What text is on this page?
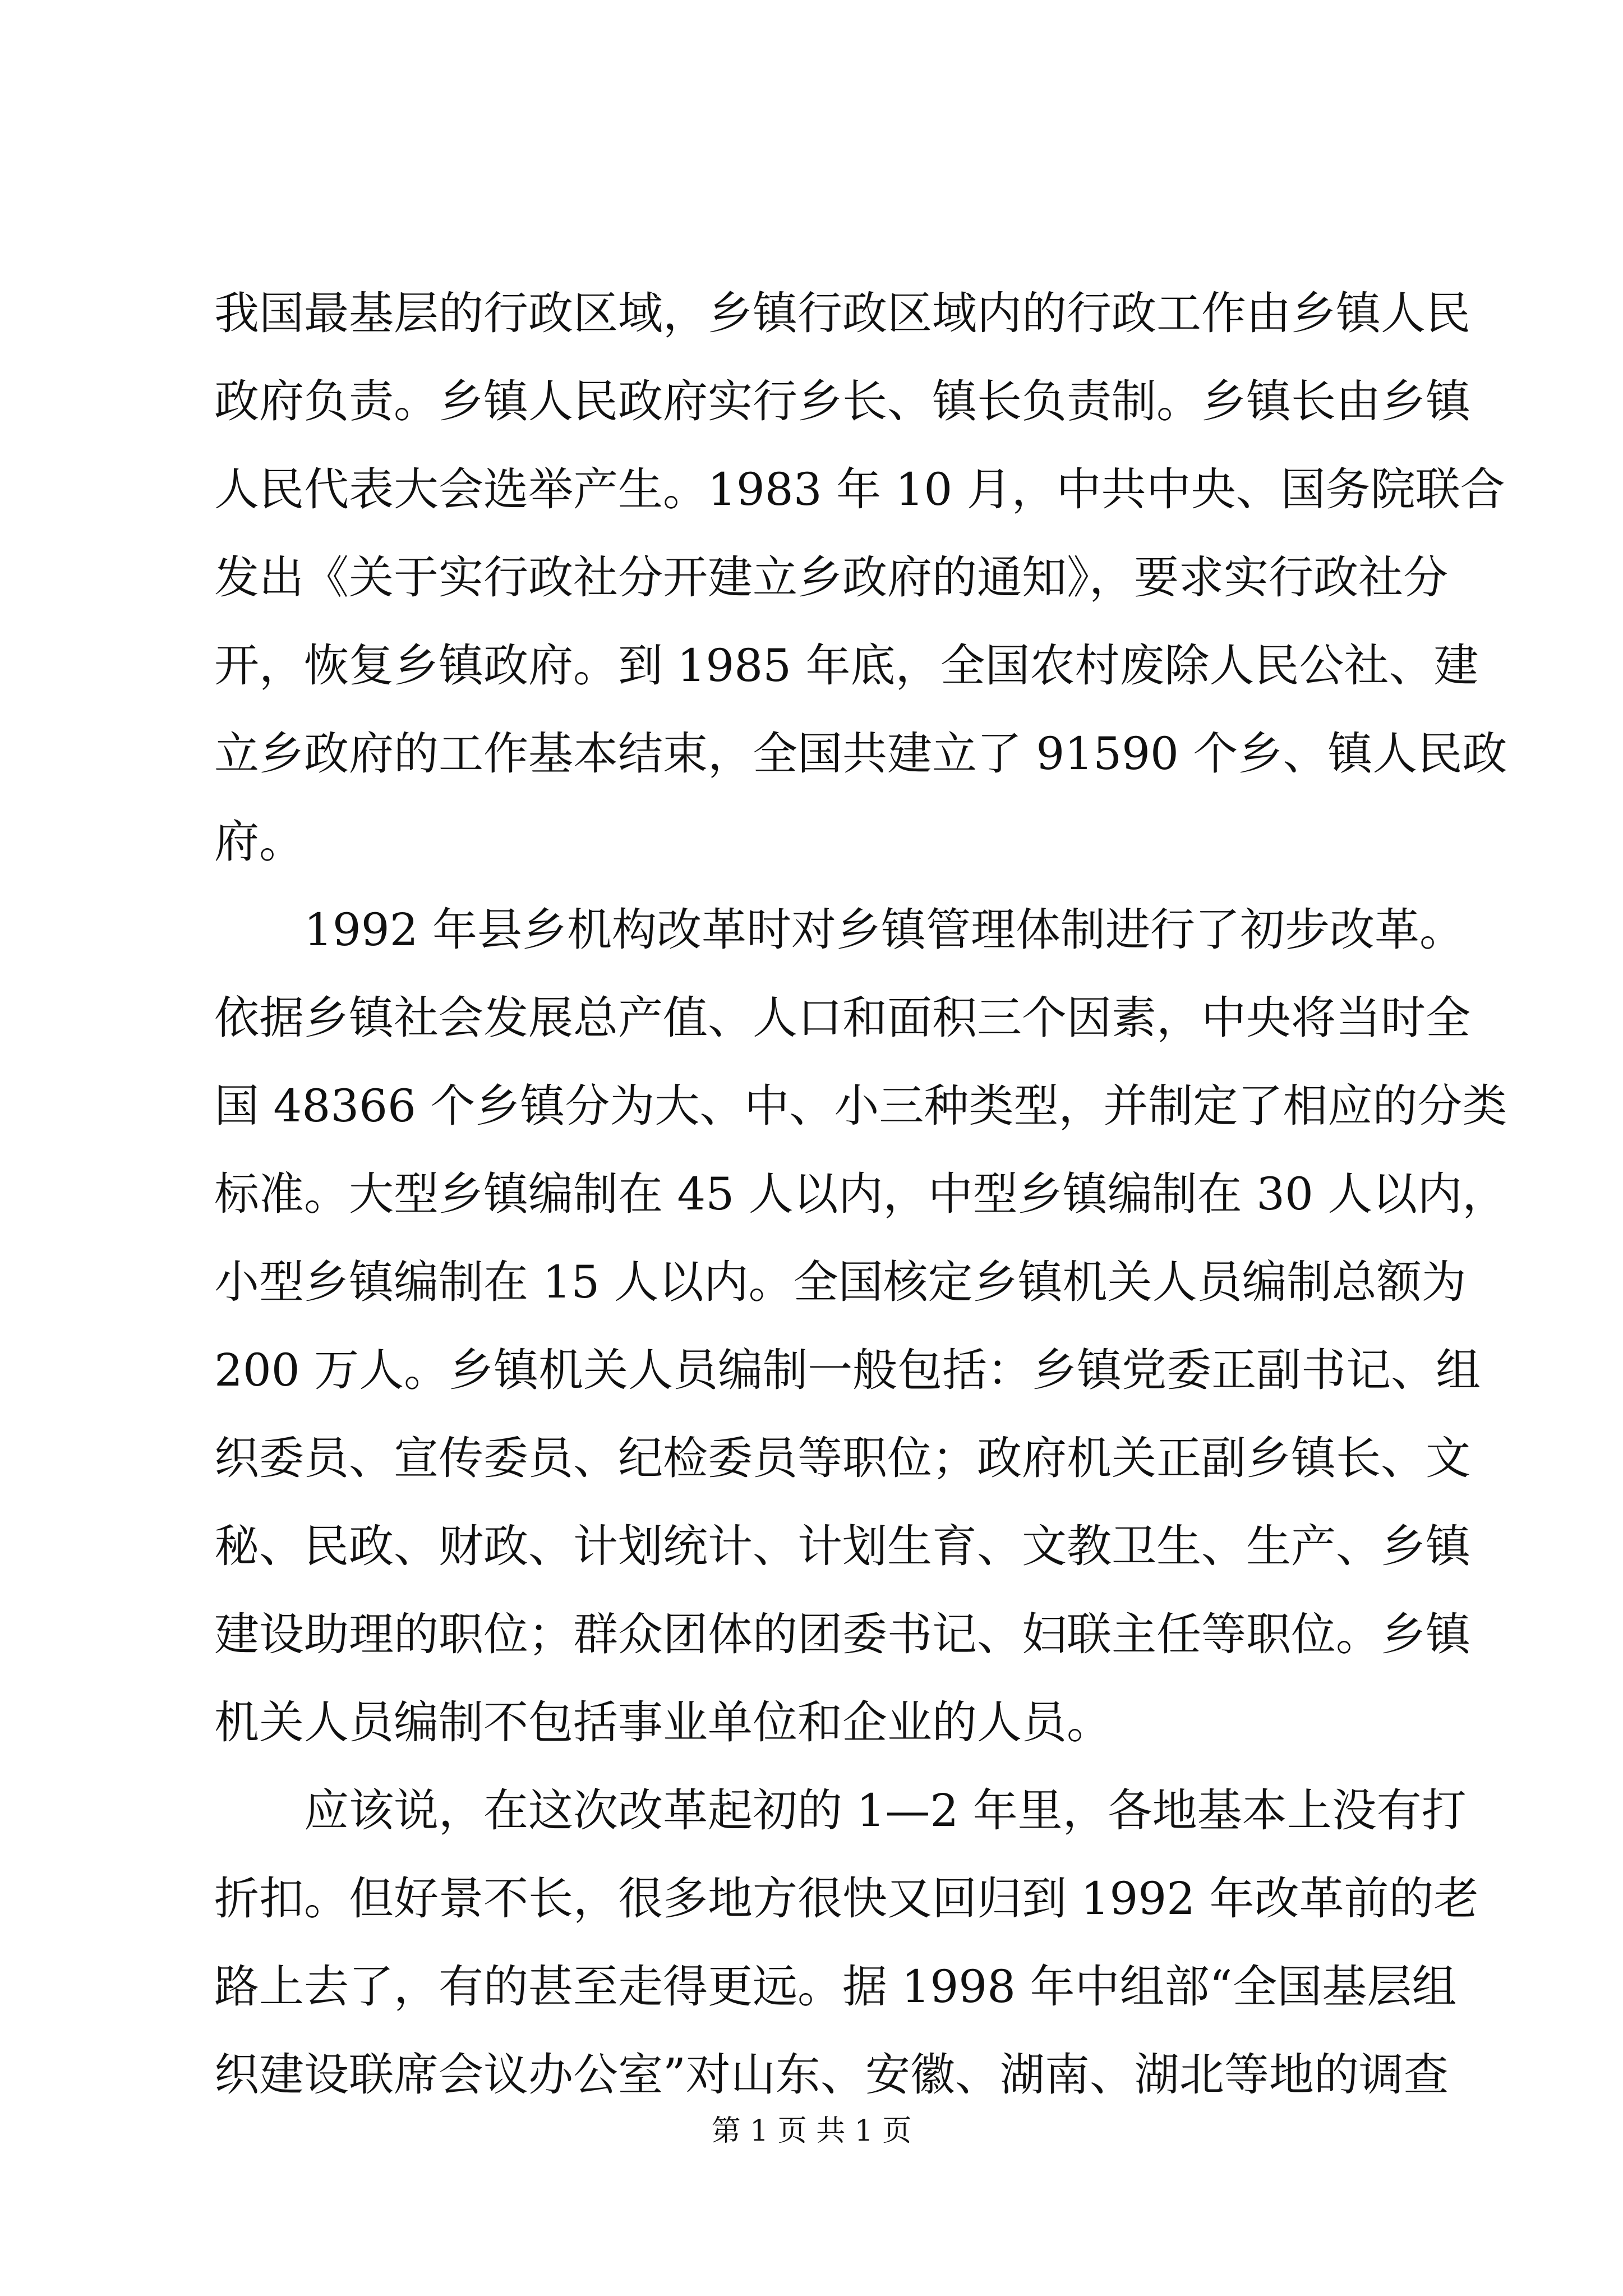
我国最基层的行政区域，乡镇行政区域内的行政工作由乡镇人民
政府负责。乡镇人民政府实行乡长、镇长负责制。乡镇长由乡镇
人民代表大会选举产生。1983 年 10 月，中共中央、国务院联合
发出《关于实行政社分开建立乡政府的通知》，要求实行政社分
开，恢复乡镇政府。到 1985 年底，全国农村废除人民公社、建
立乡政府的工作基本结束，全国共建立了 91590 个乡、镇人民政
府。
　　1992 年县乡机构改革时对乡镇管理体制进行了初步改革。
依据乡镇社会发展总产值、人口和面积三个因素，中央将当时全
国 48366 个乡镇分为大、中、小三种类型，并制定了相应的分类
标准。大型乡镇编制在 45 人以内，中型乡镇编制在 30 人以内，
小型乡镇编制在 15 人以内。全国核定乡镇机关人员编制总额为
200 万人。乡镇机关人员编制一般包括：乡镇党委正副书记、组
织委员、宣传委员、纪检委员等职位；政府机关正副乡镇长、文
秘、民政、财政、计划统计、计划生育、文教卫生、生产、乡镇
建设助理的职位；群众团体的团委书记、妇联主任等职位。乡镇
机关人员编制不包括事业单位和企业的人员。
　　应该说，在这次改革起初的 1—2 年里，各地基本上没有打
折扣。但好景不长，很多地方很快又回归到 1992 年改革前的老
路上去了，有的甚至走得更远。据 1998 年中组部“全国基层组
织建设联席会议办公室”对山东、安徽、湖南、湖北等地的调查
第 1 页 共 1 页
